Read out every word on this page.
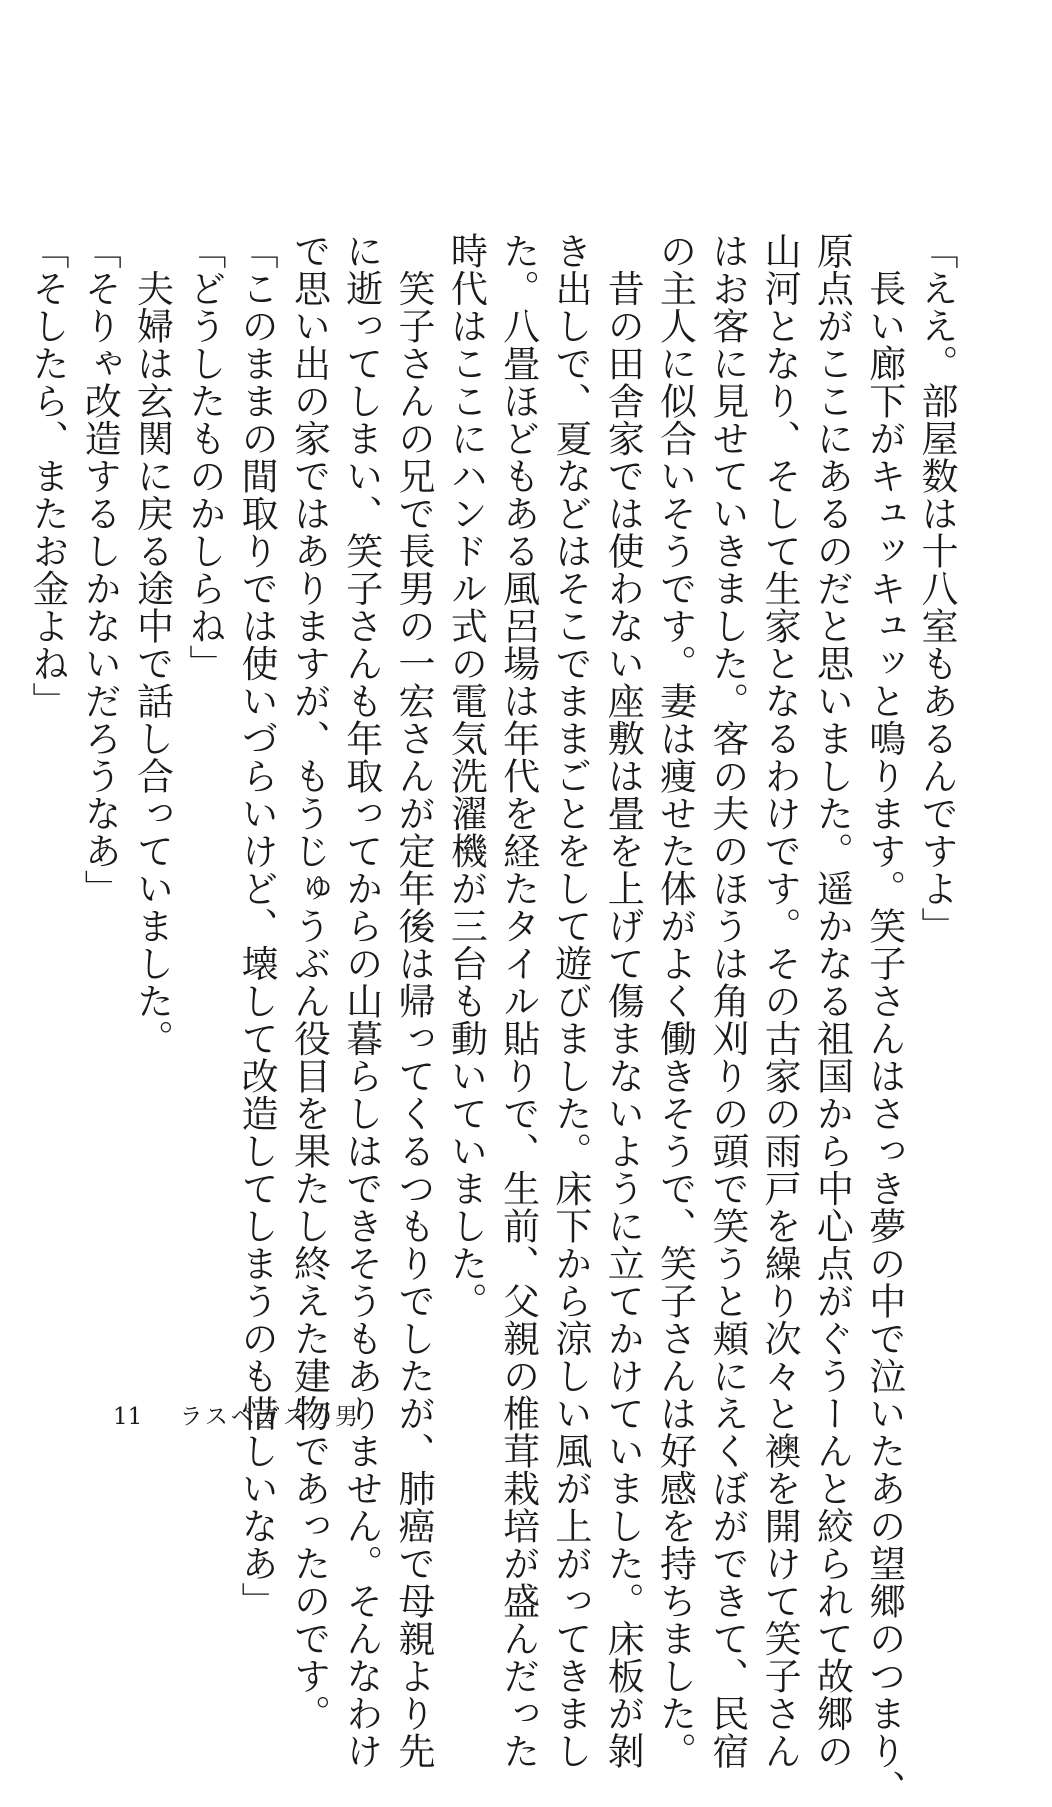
「ええ。部屋数は十八室もあるんですよ」
　長い廊下がキュッキュッと鳴ります。笑子さんはさっき夢の中で泣いたあの望郷のつまり、
原点がここにあるのだと思いました。遥かなる祖国から中心点がぐうーんと絞られて故郷の
山河となり、そして生家となるわけです。その古家の雨戸を繰り次々と襖を開けて笑子さん
はお客に見せていきました。客の夫のほうは角刈りの頭で笑うと頬にえくぼができて、民宿
の主人に似合いそうです。妻は痩せた体がよく働きそうで、笑子さんは好感を持ちました。
　昔の田舎家では使わない座敷は畳を上げて傷まないように立てかけていました。床板が剝
き出しで、夏などはそこでままごとをして遊びました。床下から涼しい風が上がってきまし
た。八畳ほどもある風呂場は年代を経たタイル貼りで、生前、父親の椎茸栽培が盛んだった
時代はここにハンドル式の電気洗濯機が三台も動いていました。
　笑子さんの兄で長男の一宏さんが定年後は帰ってくるつもりでしたが、肺癌で母親より先
に逝ってしまい、笑子さんも年取ってからの山暮らしはできそうもありません。そんなわけ
で思い出の家ではありますが、もうじゅうぶん役目を果たし終えた建物であったのです。
「このままの間取りでは使いづらいけど、壊して改造してしまうのも惜しいなあ」
「どうしたものかしらね」
　夫婦は玄関に戻る途中で話し合っていました。
「そりゃ改造するしかないだろうなあ」
「そしたら、またお金よね」
11 ラスベガスの男
